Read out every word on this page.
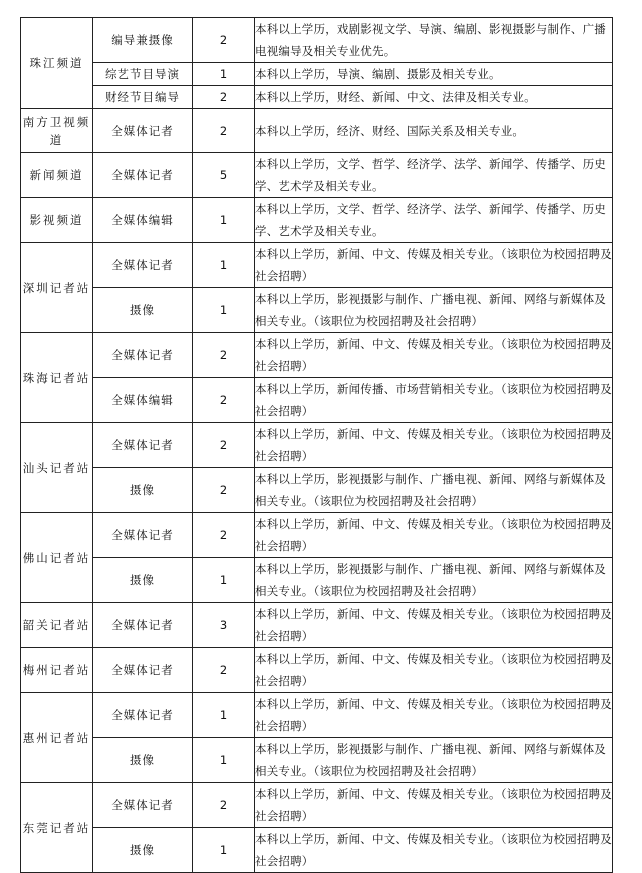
珠江频道	编导兼摄像	2	本科以上学历，戏剧影视文学、导演、编剧、影视摄影与制作、广播电视编导及相关专业优先。
	综艺节目导演	1	本科以上学历，导演、编剧、摄影及相关专业。
	财经节目编导	2	本科以上学历，财经、新闻、中文、法律及相关专业。
南方卫视频道	全媒体记者	2	本科以上学历，经济、财经、国际关系及相关专业。
新闻频道	全媒体记者	5	本科以上学历，文学、哲学、经济学、法学、新闻学、传播学、历史学、艺术学及相关专业。
影视频道	全媒体编辑	1	本科以上学历，文学、哲学、经济学、法学、新闻学、传播学、历史学、艺术学及相关专业。
深圳记者站	全媒体记者	1	本科以上学历，新闻、中文、传媒及相关专业。（该职位为校园招聘及社会招聘）
	摄像	1	本科以上学历，影视摄影与制作、广播电视、新闻、网络与新媒体及相关专业。（该职位为校园招聘及社会招聘）
珠海记者站	全媒体记者	2	本科以上学历，新闻、中文、传媒及相关专业。（该职位为校园招聘及社会招聘）
	全媒体编辑	2	本科以上学历，新闻传播、市场营销相关专业。（该职位为校园招聘及社会招聘）
汕头记者站	全媒体记者	2	本科以上学历，新闻、中文、传媒及相关专业。（该职位为校园招聘及社会招聘）
	摄像	2	本科以上学历，影视摄影与制作、广播电视、新闻、网络与新媒体及相关专业。（该职位为校园招聘及社会招聘）
佛山记者站	全媒体记者	2	本科以上学历，新闻、中文、传媒及相关专业。（该职位为校园招聘及社会招聘）
	摄像	1	本科以上学历，影视摄影与制作、广播电视、新闻、网络与新媒体及相关专业。（该职位为校园招聘及社会招聘）
韶关记者站	全媒体记者	3	本科以上学历，新闻、中文、传媒及相关专业。（该职位为校园招聘及社会招聘）
梅州记者站	全媒体记者	2	本科以上学历，新闻、中文、传媒及相关专业。（该职位为校园招聘及社会招聘）
惠州记者站	全媒体记者	1	本科以上学历，新闻、中文、传媒及相关专业。（该职位为校园招聘及社会招聘）
	摄像	1	本科以上学历，影视摄影与制作、广播电视、新闻、网络与新媒体及相关专业。（该职位为校园招聘及社会招聘）
东莞记者站	全媒体记者	2	本科以上学历，新闻、中文、传媒及相关专业。（该职位为校园招聘及社会招聘）
	摄像	1	本科以上学历，新闻、中文、传媒及相关专业。（该职位为校园招聘及社会招聘）
